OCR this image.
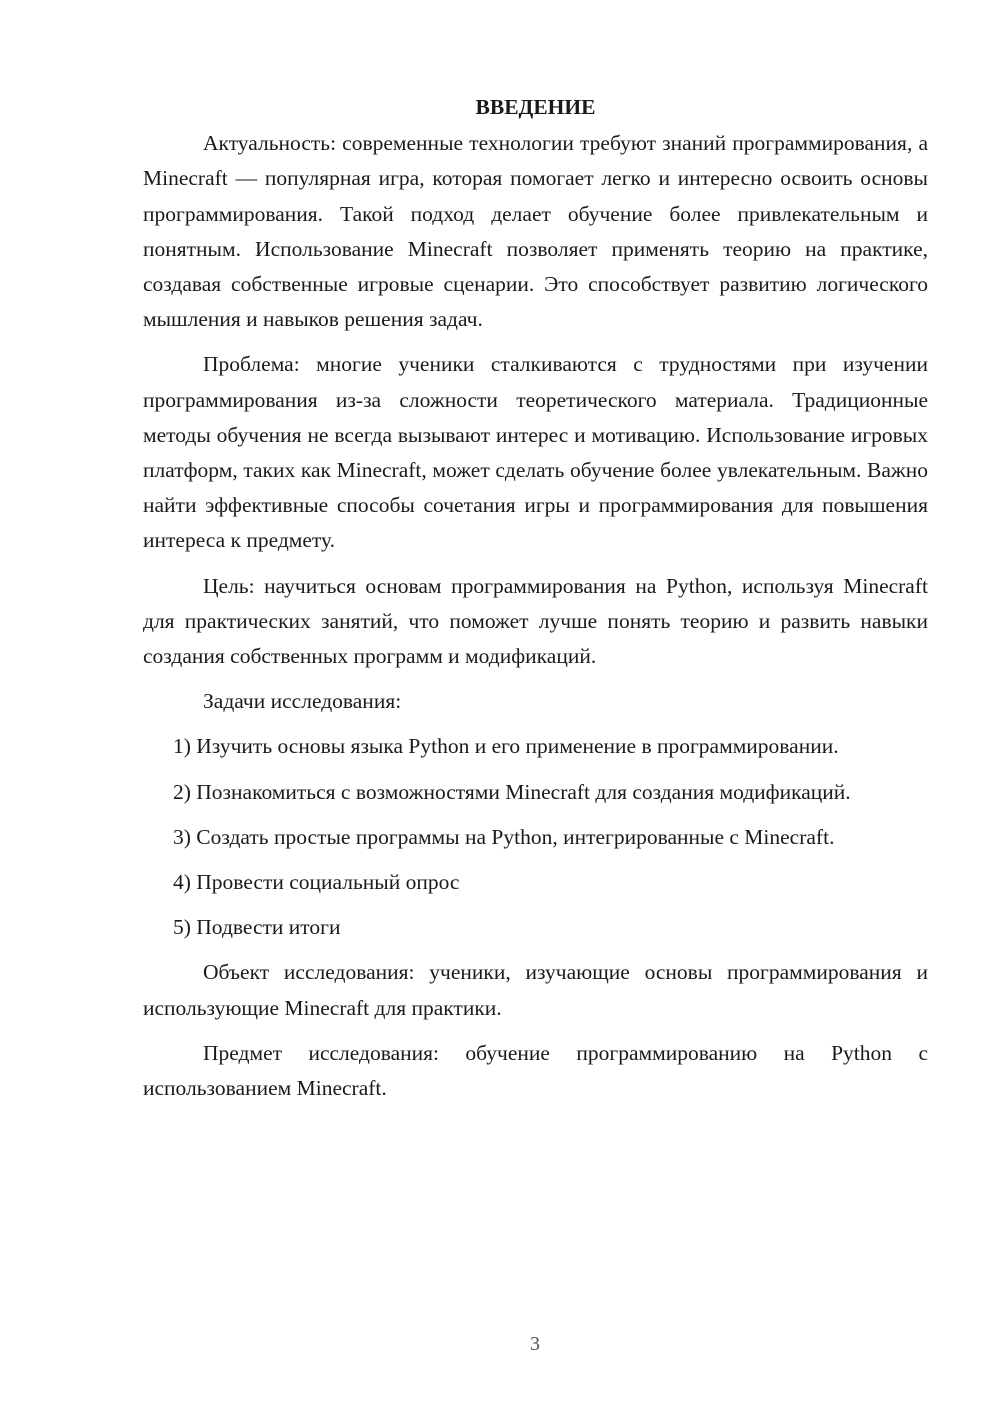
ВВЕДЕНИЕ

Актуальность: современные технологии требуют знаний программирования, а Minecraft — популярная игра, которая помогает легко и интересно освоить основы программирования. Такой подход делает обучение более привлекательным и понятным. Использование Minecraft позволяет применять теорию на практике, создавая собственные игровые сценарии. Это способствует развитию логического мышления и навыков решения задач.

Проблема: многие ученики сталкиваются с трудностями при изучении программирования из-за сложности теоретического материала. Традиционные методы обучения не всегда вызывают интерес и мотивацию. Использование игровых платформ, таких как Minecraft, может сделать обучение более увлекательным. Важно найти эффективные способы сочетания игры и программирования для повышения интереса к предмету.

Цель: научиться основам программирования на Python, используя Minecraft для практических занятий, что поможет лучше понять теорию и развить навыки создания собственных программ и модификаций.

Задачи исследования:

1) Изучить основы языка Python и его применение в программировании.

2) Познакомиться с возможностями Minecraft для создания модификаций.

3) Создать простые программы на Python, интегрированные с Minecraft.

4) Провести социальный опрос

5) Подвести итоги

Объект исследования: ученики, изучающие основы программирования и использующие Minecraft для практики.

Предмет исследования: обучение программированию на Python с использованием Minecraft.

3
